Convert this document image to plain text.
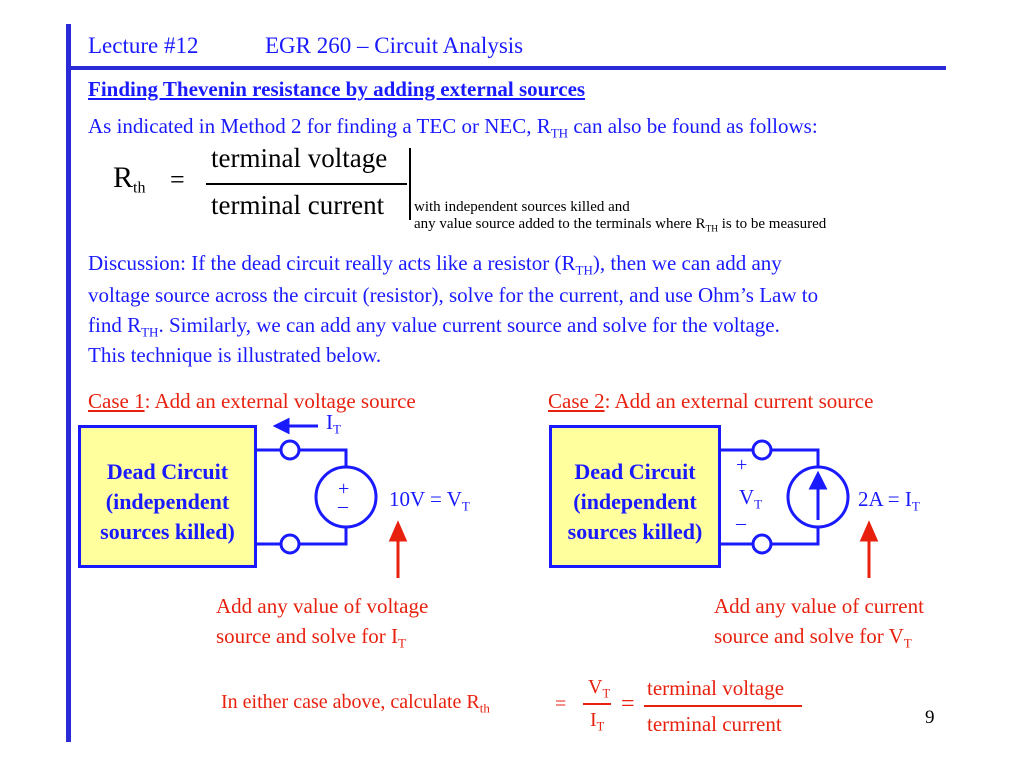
Lecture #12	EGR 260 – Circuit Analysis
Finding Thevenin resistance by adding external sources
As indicated in Method 2 for finding a TEC or NEC, $R_{TH}$ can also be found as follows:
$R_{th}$ =
terminal voltage
terminal current with independent sources killed and
any value source added to the terminals where $R_{TH}$ is to be measured
Discussion: If the dead circuit really acts like a resistor $(R_{TH})$, then we can add any
voltage source across the circuit (resistor), solve for the current, and use Ohm’s Law to
find $R_{TH}$. Similarly, we can add any value current source and solve for the voltage.
This technique is illustrated below.
Case 1: Add an external voltage source	Case 2: Add an external current source
Dead Circuit
(independent
sources killed)
Dead Circuit
(independent
sources killed)
$I_T$
+
– $10V = V_T$
Add any value of voltage
source and solve for $I_T$
+
$V_T$
–
$2A = I_T$
Add any value of current
source and solve for $V_T$
In either case above, calculate $R_{th}$	=
$V_T$
$I_T$
=
terminal voltage
terminal current	9
